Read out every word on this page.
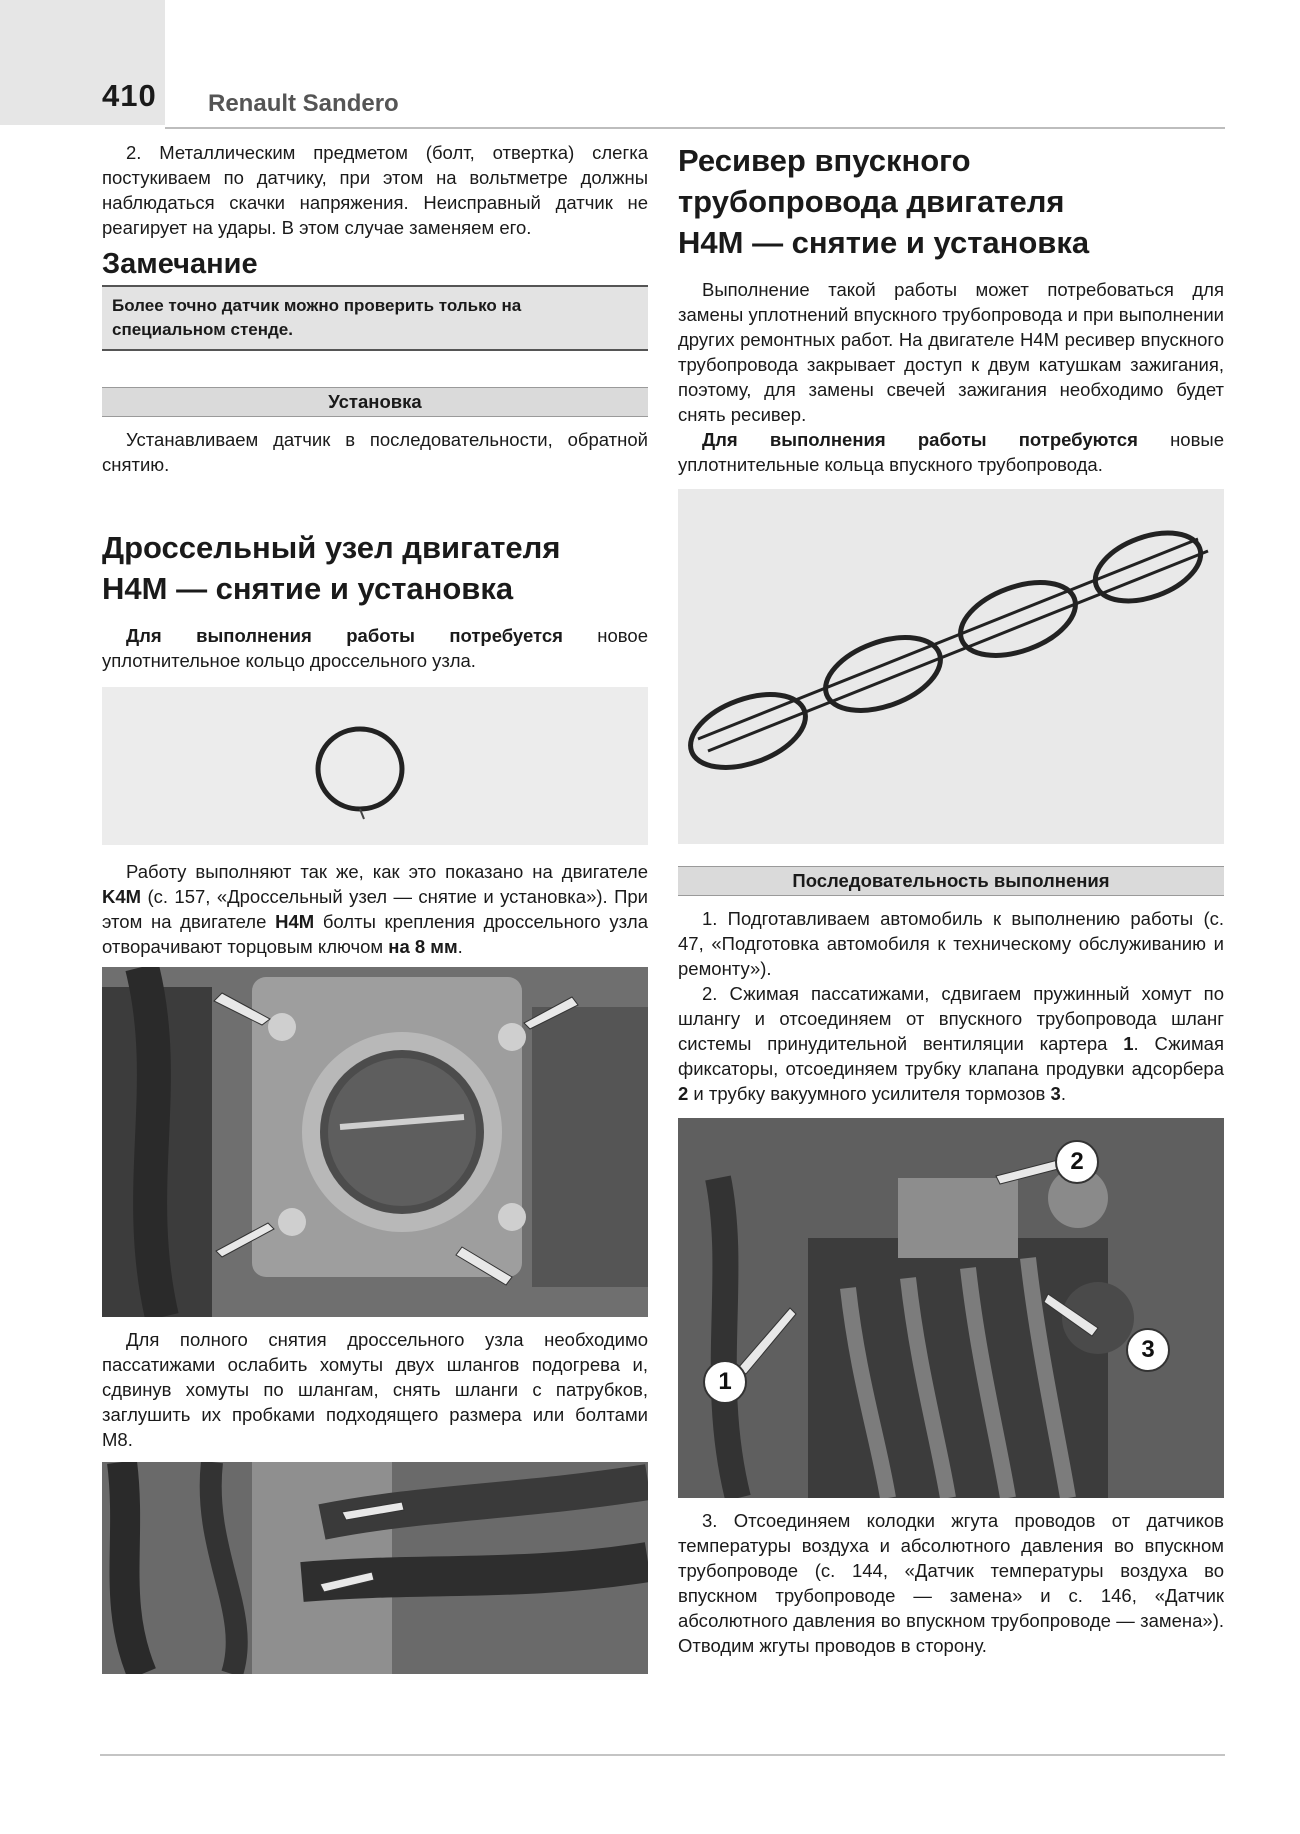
410 Renault Sandero

2. Металлическим предметом (болт, отвертка) слегка постукиваем по датчику, при этом на вольтметре должны наблюдаться скачки напряжения. Неисправный датчик не реагирует на удары. В этом случае заменяем его.

Замечание
Более точно датчик можно проверить только на специальном стенде.
Установка

Устанавливаем датчик в последовательности, обратной снятию.

Дроссельный узел двигателя
H4M — снятие и установка

Для выполнения работы потребуется новое уплотнительное кольцо дроссельного узла.

Работу выполняют так же, как это показано на двигателе K4M (с. 157, «Дроссельный узел — снятие и установка»). При этом на двигателе H4M болты крепления дроссельного узла отворачивают торцовым ключом на 8 мм.

Для полного снятия дроссельного узла необходимо пассатижами ослабить хомуты двух шлангов подогрева и, сдвинув хомуты по шлангам, снять шланги с патрубков, заглушить их пробками подходящего размера или болтами М8.

Ресивер впускного
трубопровода двигателя
H4M — снятие и установка

Выполнение такой работы может потребоваться для замены уплотнений впускного трубопровода и при выполнении других ремонтных работ. На двигателе H4M ресивер впускного трубопровода закрывает доступ к двум катушкам зажигания, поэтому, для замены свечей зажигания необходимо будет снять ресивер.

Для выполнения работы потребуются новые уплотнительные кольца впускного трубопровода.

Последовательность выполнения

1. Подготавливаем автомобиль к выполнению работы (с. 47, «Подготовка автомобиля к техническому обслуживанию и ремонту»).

2. Сжимая пассатижами, сдвигаем пружинный хомут по шлангу и отсоединяем от впускного трубопровода шланг системы принудительной вентиляции картера 1. Сжимая фиксаторы, отсоединяем трубку клапана продувки адсорбера 2 и трубку вакуумного усилителя тормозов 3.

1
2
3

3. Отсоединяем колодки жгута проводов от датчиков температуры воздуха и абсолютного давления во впускном трубопроводе (с. 144, «Датчик температуры воздуха во впускном трубопроводе — замена» и с. 146, «Датчик абсолютного давления во впускном трубопроводе — замена»). Отводим жгуты проводов в сторону.
